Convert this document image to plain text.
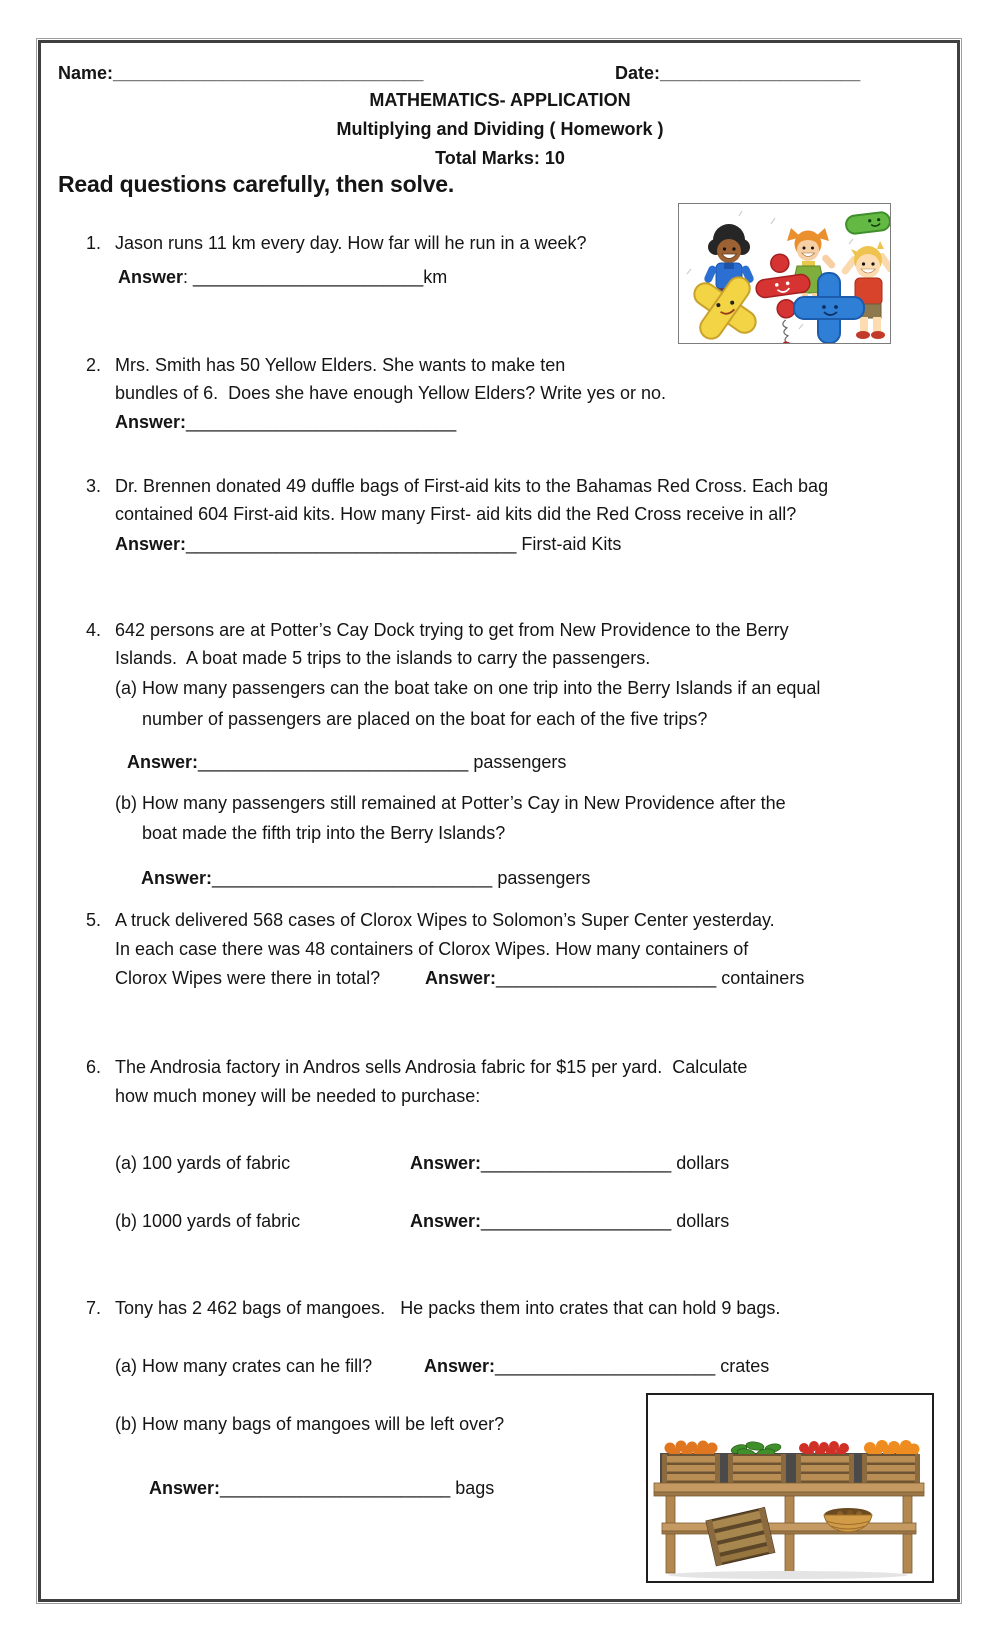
Name:_______________________________	Date:____________________
MATHEMATICS- APPLICATION
Multiplying and Dividing ( Homework )
Total Marks: 10
Read questions carefully, then solve.
1. Jason runs 11 km every day. How far will he run in a week?
Answer: _______________________km
2. Mrs. Smith has 50 Yellow Elders. She wants to make ten
bundles of 6.  Does she have enough Yellow Elders? Write yes or no.
Answer:___________________________
3. Dr. Brennen donated 49 duffle bags of First-aid kits to the Bahamas Red Cross. Each bag
contained 604 First-aid kits. How many First- aid kits did the Red Cross receive in all?
Answer:_________________________________ First-aid Kits
4. 642 persons are at Potter’s Cay Dock trying to get from New Providence to the Berry
Islands.  A boat made 5 trips to the islands to carry the passengers.
(a) How many passengers can the boat take on one trip into the Berry Islands if an equal
number of passengers are placed on the boat for each of the five trips?
Answer:___________________________ passengers
(b) How many passengers still remained at Potter’s Cay in New Providence after the
boat made the fifth trip into the Berry Islands?
Answer:____________________________ passengers
5. A truck delivered 568 cases of Clorox Wipes to Solomon’s Super Center yesterday.
In each case there was 48 containers of Clorox Wipes. How many containers of
Clorox Wipes were there in total? Answer:______________________ containers
6. The Androsia factory in Andros sells Androsia fabric for $15 per yard.  Calculate
how much money will be needed to purchase:
(a) 100 yards of fabric	Answer:___________________ dollars
(b) 1000 yards of fabric	Answer:___________________ dollars
7. Tony has 2 462 bags of mangoes.   He packs them into crates that can hold 9 bags.
(a) How many crates can he fill?	Answer:______________________ crates
(b) How many bags of mangoes will be left over?
Answer:_______________________ bags
